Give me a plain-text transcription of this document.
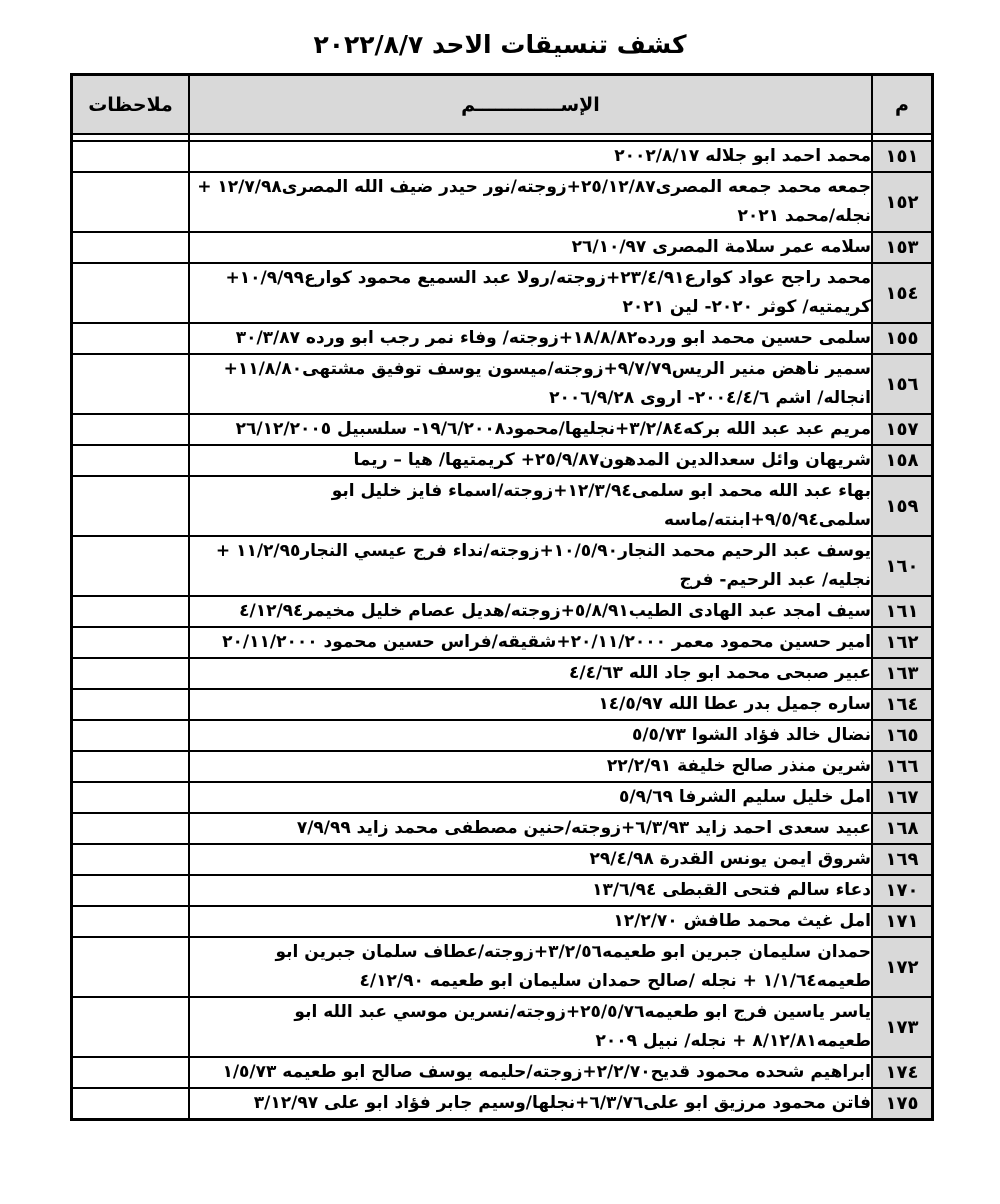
كشف تنسيقات الاحد ٢٠٢٢/٨/٧
م	الإســـــــــــــم	ملاحظات

١٥١	محمد احمد ابو جلاله ٢٠٠٢/٨/١٧	
١٥٢	جمعه محمد جمعه المصرى٢٥/١٢/٨٧+زوجته/نور حيدر ضيف الله المصرى١٢/٧/٩٨ + نجله/محمد ٢٠٢١	
١٥٣	سلامه عمر سلامة المصرى ٢٦/١٠/٩٧	
١٥٤	محمد راجح عواد كوارع٢٣/٤/٩١+زوجته/رولا عبد السميع محمود كوارع١٠/٩/٩٩+ كريمتيه/ كوثر ٢٠٢٠- لين ٢٠٢١	
١٥٥	سلمى حسين محمد ابو ورده١٨/٨/٨٢+زوجته/ وفاء نمر رجب ابو ورده ٣٠/٣/٨٧	
١٥٦	سمير ناهض منير الريس٩/٧/٧٩+زوجته/ميسون يوسف توفيق مشتهى١١/٨/٨٠+ انجاله/ اشم ٢٠٠٤/٤/٦- اروى ٢٠٠٦/٩/٢٨	
١٥٧	مريم عبد عبد الله بركه٣/٢/٨٤+نجليها/محمود١٩/٦/٢٠٠٨- سلسبيل ٢٦/١٢/٢٠٠٥	
١٥٨	شريهان وائل سعدالدين المدهون٢٥/٩/٨٧+ كريمتيها/ هيا – ريما	
١٥٩	بهاء عبد الله محمد ابو سلمى١٢/٣/٩٤+زوجته/اسماء فايز خليل ابو سلمى٩/٥/٩٤+ابنته/ماسه	
١٦٠	يوسف عبد الرحيم محمد النجار١٠/٥/٩٠+زوجته/نداء فرج عيسي النجار١١/٢/٩٥ + نجليه/ عبد الرحيم- فرج	
١٦١	سيف امجد عبد الهادى الطيب٥/٨/٩١+زوجته/هديل عصام خليل مخيمر٤/١٢/٩٤	
١٦٢	امير حسين محمود معمر ٢٠/١١/٢٠٠٠+شقيقه/فراس حسين محمود ٢٠/١١/٢٠٠٠	
١٦٣	عبير صبحى محمد ابو جاد الله ٤/٤/٦٣	
١٦٤	ساره جميل بدر عطا الله ١٤/٥/٩٧	
١٦٥	نضال خالد فؤاد الشوا ٥/٥/٧٣	
١٦٦	شرين منذر صالح خليفة ٢٢/٢/٩١	
١٦٧	امل خليل سليم الشرفا ٥/٩/٦٩	
١٦٨	عبيد سعدى احمد زايد ٦/٣/٩٣+زوجته/حنين مصطفى محمد زايد ٧/٩/٩٩	
١٦٩	شروق ايمن يونس القدرة ٢٩/٤/٩٨	
١٧٠	دعاء سالم فتحى القبطى ١٣/٦/٩٤	
١٧١	امل غيث محمد طافش ١٢/٢/٧٠	
١٧٢	حمدان سليمان جبرين ابو طعيمه٣/٢/٥٦+زوجته/عطاف سلمان جبرين ابو طعيمه١/١/٦٤ + نجله /صالح حمدان سليمان ابو طعيمه ٤/١٢/٩٠	
١٧٣	ياسر ياسين فرج ابو طعيمه٢٥/٥/٧٦+زوجته/نسرين موسي عبد الله ابو طعيمه٨/١٢/٨١ + نجله/ نبيل ٢٠٠٩	
١٧٤	ابراهيم شحده محمود قديح٢/٢/٧٠+زوجته/حليمه يوسف صالح ابو طعيمه ١/٥/٧٣	
١٧٥	فاتن محمود مرزيق ابو على٦/٣/٧٦+نجلها/وسيم جابر فؤاد ابو على ٣/١٢/٩٧	
